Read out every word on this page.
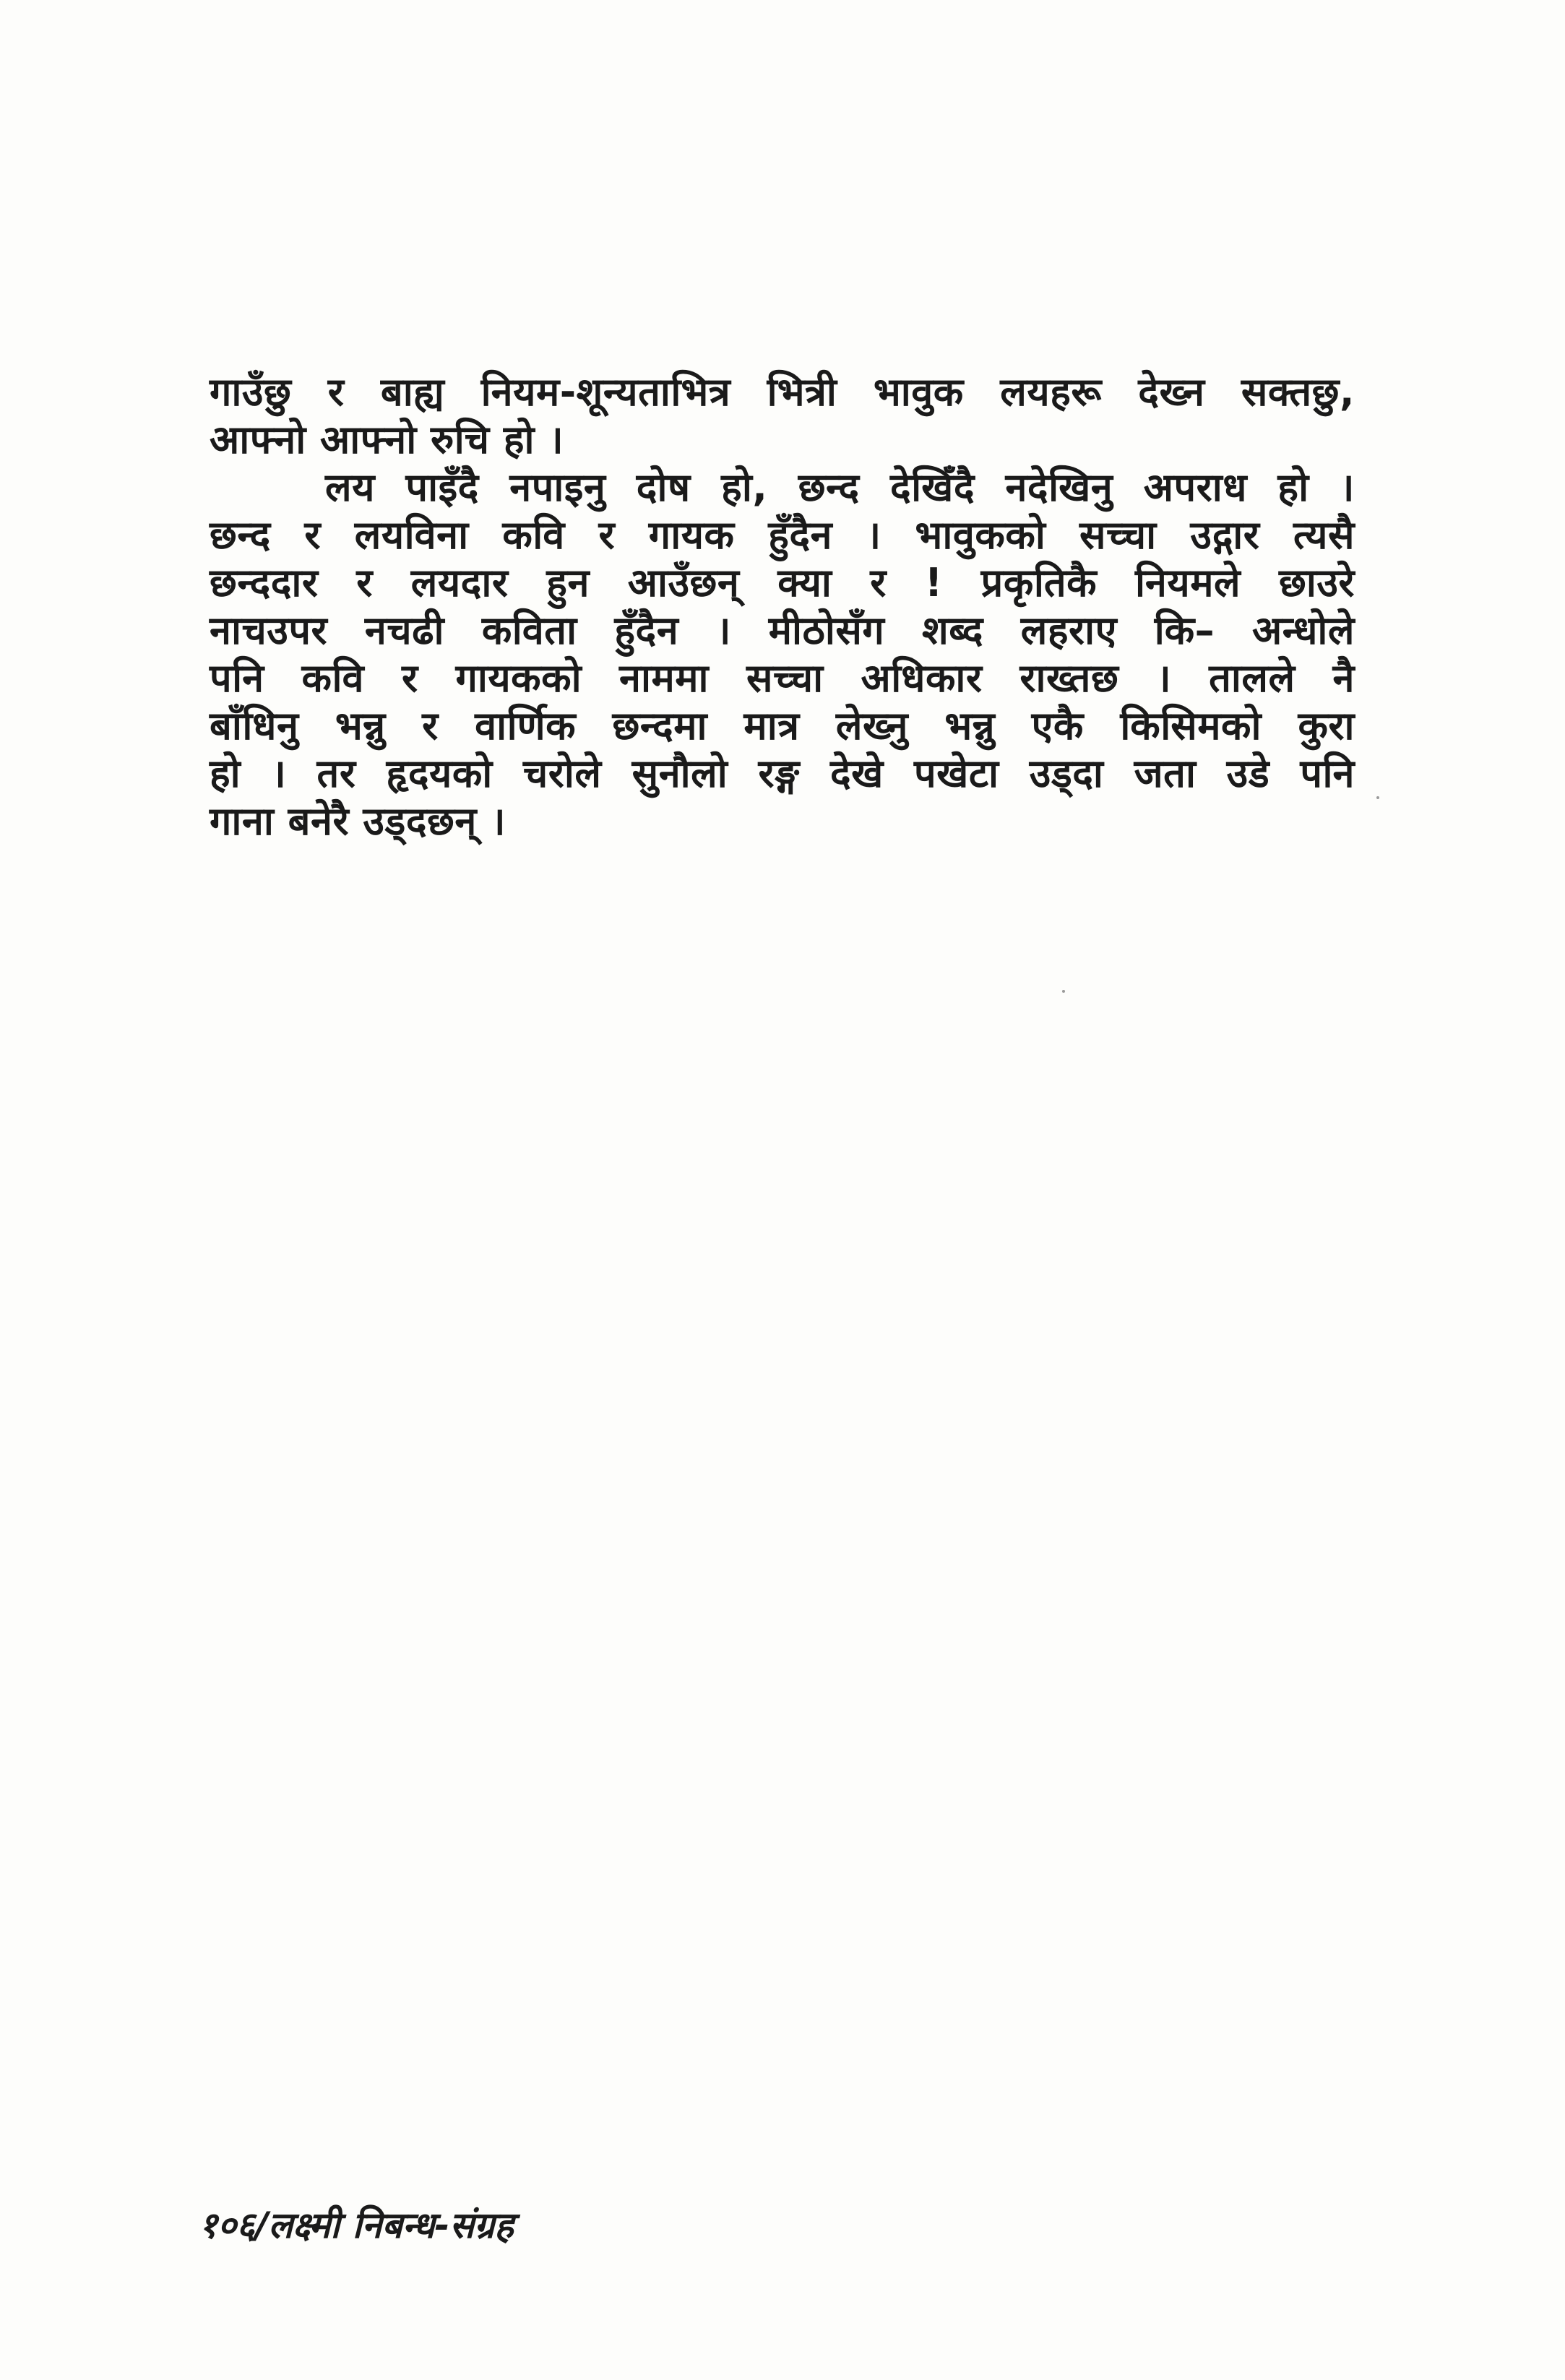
गाउँछु र बाह्य नियम-शून्यताभित्र भित्री भावुक लयहरू देख्न सक्तछु,
आफ्नो आफ्नो रुचि हो ।
लय पाइँदै नपाइनु दोष हो, छन्द देखिँदै नदेखिनु अपराध हो ।
छन्द र लयविना कवि र गायक हुँदैन । भावुकको सच्चा उद्गार त्यसै
छन्ददार र लयदार हुन आउँछन् क्या र ! प्रकृतिकै नियमले छाउरे
नाचउपर नचढी कविता हुँदैन । मीठोसँग शब्द लहराए कि– अन्धोले
पनि कवि र गायकको नाममा सच्चा अधिकार राख्तछ । तालले नै
बाँधिनु भन्नु र वार्णिक छन्दमा मात्र लेख्नु भन्नु एकै किसिमको कुरा
हो । तर हृदयको चरोले सुनौलो रङ्ग देखे पखेटा उड्दा जता उडे पनि
गाना बनेरै उड्दछन् ।
१०६/लक्ष्मी निबन्ध-संग्रह
